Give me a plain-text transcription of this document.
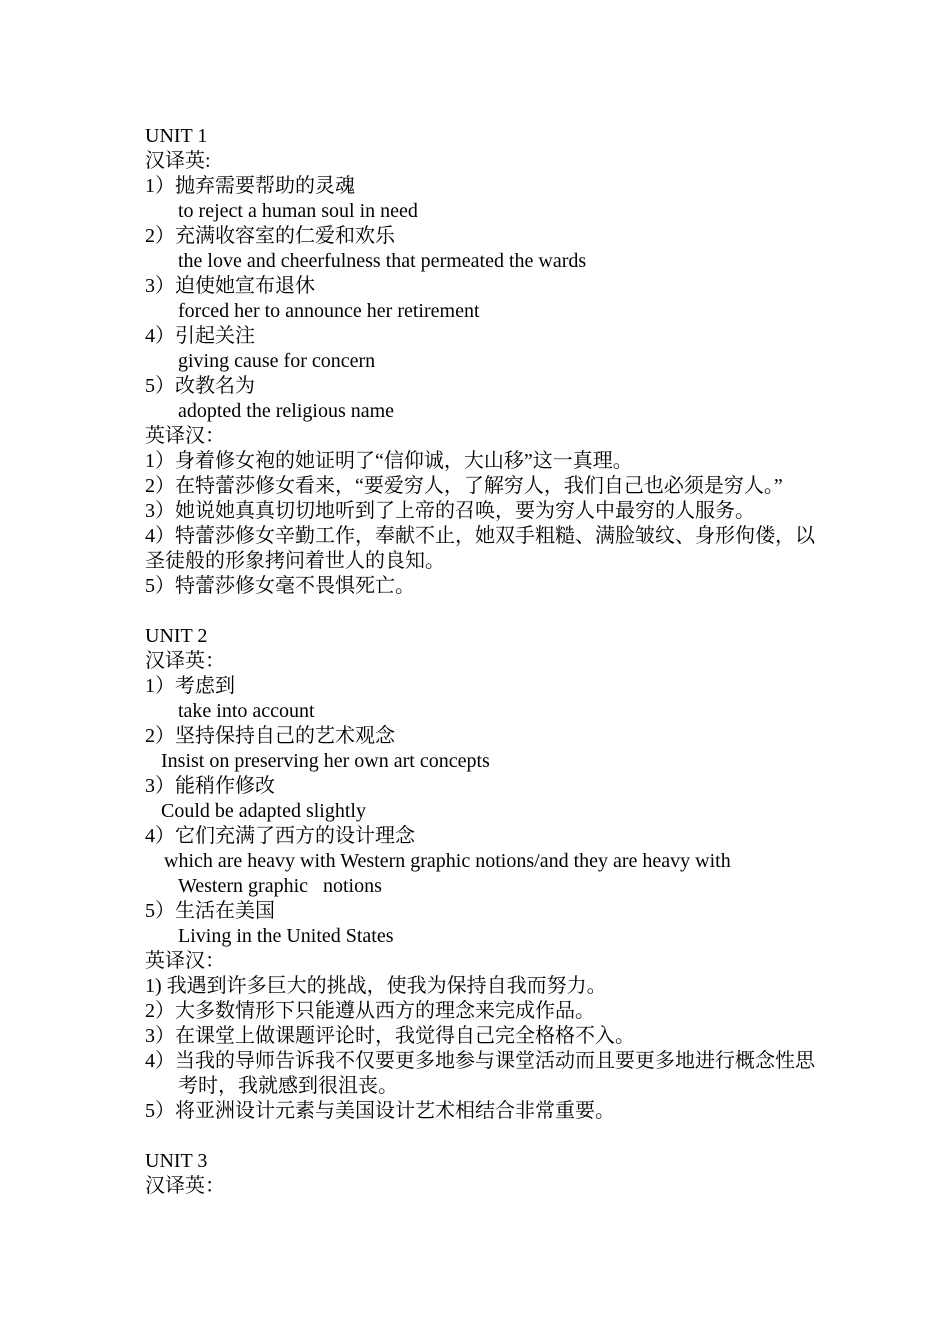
UNIT 1
汉译英:
1）抛弃需要帮助的灵魂
to reject a human soul in need
2）充满收容室的仁爱和欢乐
the love and cheerfulness that permeated the wards
3）迫使她宣布退休
forced her to announce her retirement
4）引起关注
giving cause for concern
5）改教名为
adopted the religious name
英译汉：
1）身着修女袍的她证明了“信仰诚，大山移”这一真理。
2）在特蕾莎修女看来，“要爱穷人，了解穷人，我们自己也必须是穷人。”
3）她说她真真切切地听到了上帝的召唤，要为穷人中最穷的人服务。
4）特蕾莎修女辛勤工作，奉献不止，她双手粗糙、满脸皱纹、身形佝偻，以圣徒般的形象拷问着世人的良知。
5）特蕾莎修女毫不畏惧死亡。
UNIT 2
汉译英：
1）考虑到
take into account
2）坚持保持自己的艺术观念
Insist on preserving her own art concepts
3）能稍作修改
Could be adapted slightly
4）它们充满了西方的设计理念
which are heavy with Western graphic notions/and they are heavy with
Western graphic   notions
5）生活在美国
Living in the United States
英译汉：
1) 我遇到许多巨大的挑战，使我为保持自我而努力。
2）大多数情形下只能遵从西方的理念来完成作品。
3）在课堂上做课题评论时，我觉得自己完全格格不入。
4）当我的导师告诉我不仅要更多地参与课堂活动而且要更多地进行概念性思考时，我就感到很沮丧。
5）将亚洲设计元素与美国设计艺术相结合非常重要。
UNIT 3
汉译英：
